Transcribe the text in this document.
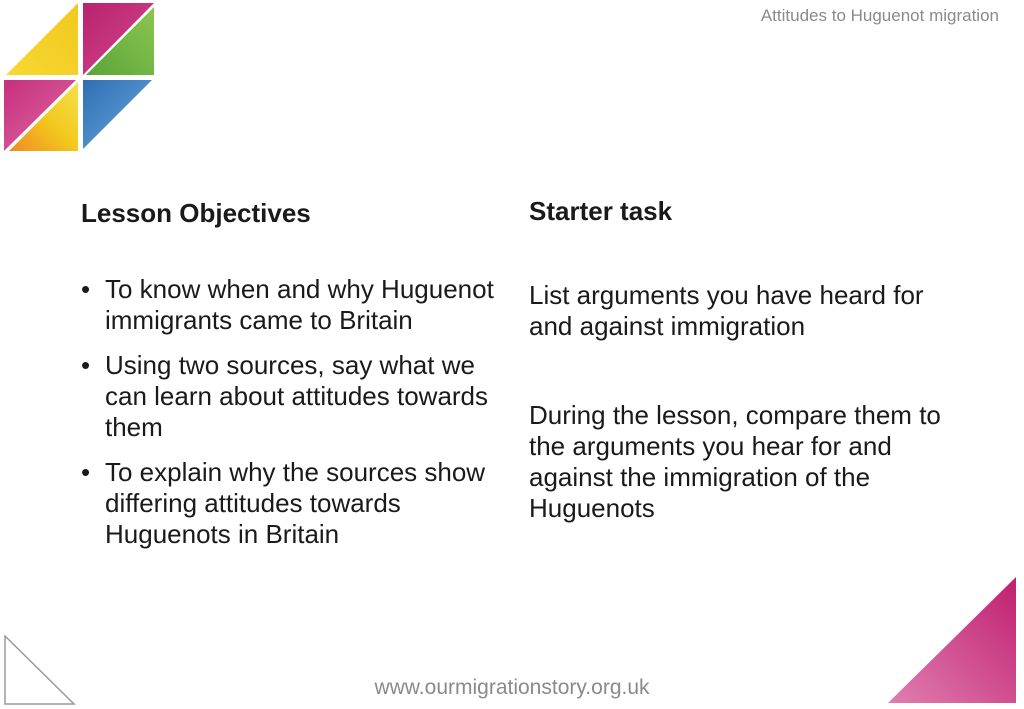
Attitudes to Huguenot migration
Lesson Objectives
• To know when and why Huguenot immigrants came to Britain
• Using two sources, say what we can learn about attitudes towards them
• To explain why the sources show differing attitudes towards Huguenots in Britain
Starter task

List arguments you have heard for and against immigration

During the lesson, compare them to the arguments you hear for and against the immigration of the Huguenots

www.ourmigrationstory.org.uk
